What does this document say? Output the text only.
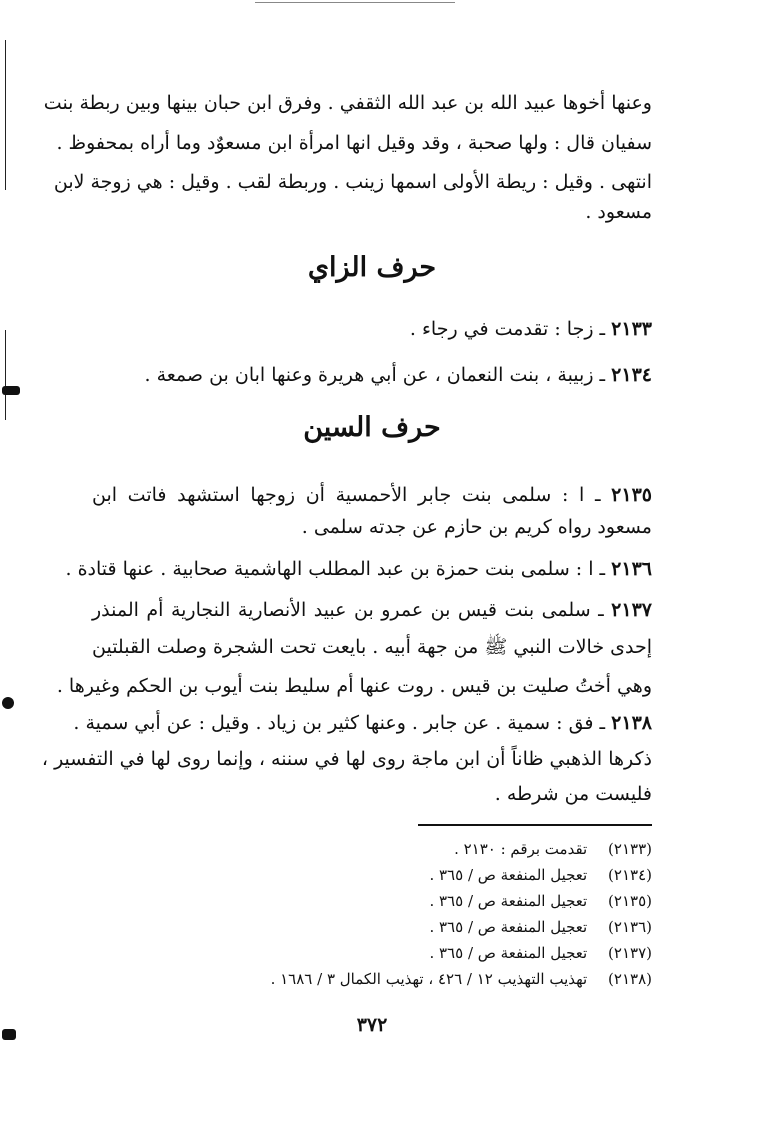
وعنها أخوها عبيد الله بن عبد الله الثقفي . وفرق ابن حبان بينها وبين ربطة بنت
سفيان قال : ولها صحبة ، وقد وقيل انها امرأة ابن مسعوٌد وما أراه بمحفوظ .
انتهى . وقيل : ريطة الأولى اسمها زينب . وربطة لقب . وقيل : هي زوجة لابن
مسعود .
حرف الزاي
٢١٣٣ ـ زجا : تقدمت في رجاء .
٢١٣٤ ـ زبيبة ، بنت النعمان ، عن أبي هريرة وعنها ابان بن صمعة .
حرف السين
٢١٣٥ ـ ا : سلمى بنت جابر الأحمسية أن زوجها استشهد فاتت ابن
مسعود رواه كريم بن حازم عن جدته سلمى .
٢١٣٦ ـ ا : سلمى بنت حمزة بن عبد المطلب الهاشمية صحابية . عنها قتادة .
٢١٣٧ ـ سلمى بنت قيس بن عمرو بن عبيد الأنصارية النجارية أم المنذر
إحدى خالات النبي ﷺ من جهة أبيه . بايعت تحت الشجرة وصلت القبلتين
وهي أختُ صليت بن قيس . روت عنها أم سليط بنت أيوب بن الحكم وغيرها .
٢١٣٨ ـ فق : سمية . عن جابر . وعنها كثير بن زياد . وقيل : عن أبي سمية .
ذكرها الذهبي ظاناً أن ابن ماجة روى لها في سننه ، وإنما روى لها في التفسير ،
فليست من شرطه .
(٢١٣٣) تقدمت برقم : ٢١٣٠ .
(٢١٣٤) تعجيل المنفعة ص / ٣٦٥ .
(٢١٣٥) تعجيل المنفعة ص / ٣٦٥ .
(٢١٣٦) تعجيل المنفعة ص / ٣٦٥ .
(٢١٣٧) تعجيل المنفعة ص / ٣٦٥ .
(٢١٣٨) تهذيب التهذيب ١٢ / ٤٢٦ ، تهذيب الكمال ٣ / ١٦٨٦ .
٣٧٢
